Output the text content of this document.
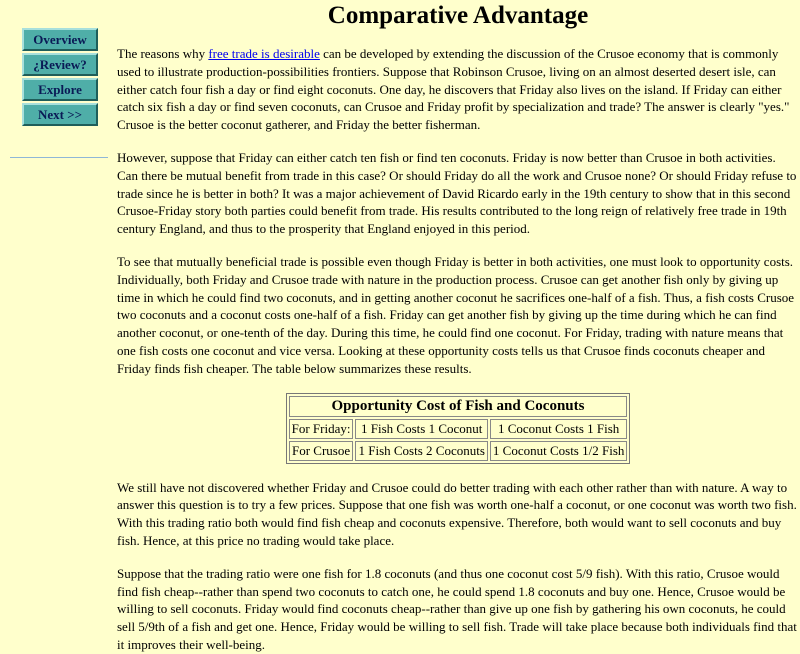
Overview
¿Review?
Explore
Next >>
Comparative Advantage

The reasons why free trade is desirable can be developed by extending the discussion of the Crusoe economy that is commonly used to illustrate production-possibilities frontiers. Suppose that Robinson Crusoe, living on an almost deserted desert isle, can either catch four fish a day or find eight coconuts. One day, he discovers that Friday also lives on the island. If Friday can either catch six fish a day or find seven coconuts, can Crusoe and Friday profit by specialization and trade? The answer is clearly "yes." Crusoe is the better coconut gatherer, and Friday the better fisherman.

However, suppose that Friday can either catch ten fish or find ten coconuts. Friday is now better than Crusoe in both activities. Can there be mutual benefit from trade in this case? Or should Friday do all the work and Crusoe none? Or should Friday refuse to trade since he is better in both? It was a major achievement of David Ricardo early in the 19th century to show that in this second Crusoe-Friday story both parties could benefit from trade. His results contributed to the long reign of relatively free trade in 19th century England, and thus to the prosperity that England enjoyed in this period.

To see that mutually beneficial trade is possible even though Friday is better in both activities, one must look to opportunity costs. Individually, both Friday and Crusoe trade with nature in the production process. Crusoe can get another fish only by giving up time in which he could find two coconuts, and in getting another coconut he sacrifices one-half of a fish. Thus, a fish costs Crusoe two coconuts and a coconut costs one-half of a fish. Friday can get another fish by giving up the time during which he can find another coconut, or one-tenth of the day. During this time, he could find one coconut. For Friday, trading with nature means that one fish costs one coconut and vice versa. Looking at these opportunity costs tells us that Crusoe finds coconuts cheaper and Friday finds fish cheaper. The table below summarizes these results.

Opportunity Cost of Fish and Coconuts		
For Friday:	1 Fish Costs 1 Coconut	1 Coconut Costs 1 Fish
For Crusoe	1 Fish Costs 2 Coconuts	1 Coconut Costs 1/2 Fish

We still have not discovered whether Friday and Crusoe could do better trading with each other rather than with nature. A way to answer this question is to try a few prices. Suppose that one fish was worth one-half a coconut, or one coconut was worth two fish. With this trading ratio both would find fish cheap and coconuts expensive. Therefore, both would want to sell coconuts and buy fish. Hence, at this price no trading would take place.

Suppose that the trading ratio were one fish for 1.8 coconuts (and thus one coconut cost 5/9 fish). With this ratio, Crusoe would find fish cheap--rather than spend two coconuts to catch one, he could spend 1.8 coconuts and buy one. Hence, Crusoe would be willing to sell coconuts. Friday would find coconuts cheap--rather than give up one fish by gathering his own coconuts, he could sell 5/9th of a fish and get one. Hence, Friday would be willing to sell fish. Trade will take place because both individuals find that it improves their well-being.
